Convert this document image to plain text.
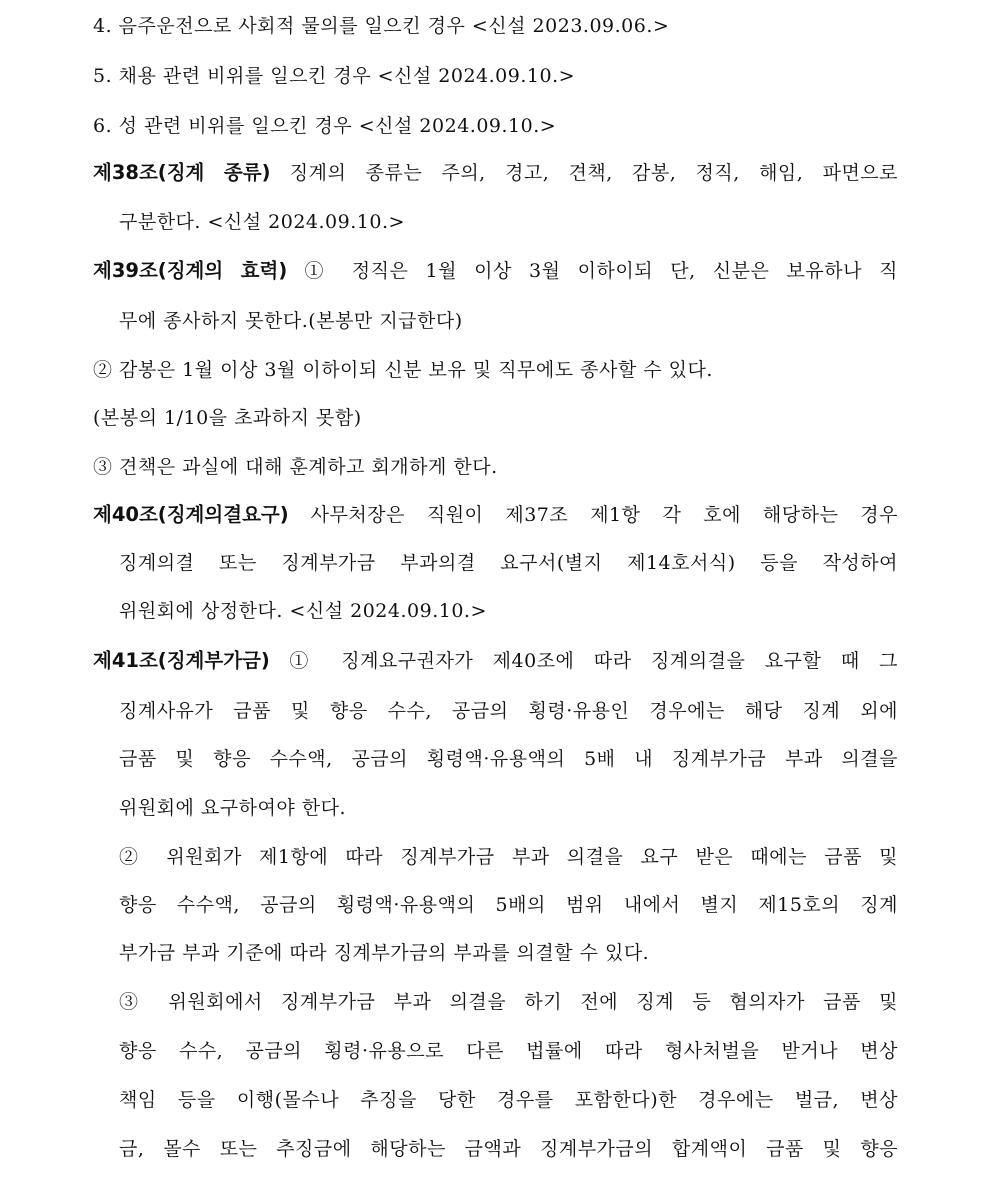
4. 음주운전으로 사회적 물의를 일으킨 경우 <신설 2023.09.06.>
5. 채용 관련 비위를 일으킨 경우 <신설 2024.09.10.>
6. 성 관련 비위를 일으킨 경우 <신설 2024.09.10.>
제38조(징계 종류) 징계의 종류는 주의, 경고, 견책, 감봉, 정직, 해임, 파면으로
구분한다. <신설 2024.09.10.>
제39조(징계의 효력) ① 정직은 1월 이상 3월 이하이되 단, 신분은 보유하나 직
무에 종사하지 못한다.(본봉만 지급한다)
② 감봉은 1월 이상 3월 이하이되 신분 보유 및 직무에도 종사할 수 있다.
(본봉의 1/10을 초과하지 못함)
③ 견책은 과실에 대해 훈계하고 회개하게 한다.
제40조(징계의결요구) 사무처장은 직원이 제37조 제1항 각 호에 해당하는 경우
징계의결 또는 징계부가금 부과의결 요구서(별지 제14호서식) 등을 작성하여
위원회에 상정한다. <신설 2024.09.10.>
제41조(징계부가금) ① 징계요구권자가 제40조에 따라 징계의결을 요구할 때 그
징계사유가 금품 및 향응 수수, 공금의 횡령·유용인 경우에는 해당 징계 외에
금품 및 향응 수수액, 공금의 횡령액·유용액의 5배 내 징계부가금 부과 의결을
위원회에 요구하여야 한다.
② 위원회가 제1항에 따라 징계부가금 부과 의결을 요구 받은 때에는 금품 및
향응 수수액, 공금의 횡령액·유용액의 5배의 범위 내에서 별지 제15호의 징계
부가금 부과 기준에 따라 징계부가금의 부과를 의결할 수 있다.
③ 위원회에서 징계부가금 부과 의결을 하기 전에 징계 등 혐의자가 금품 및
향응 수수, 공금의 횡령·유용으로 다른 법률에 따라 형사처벌을 받거나 변상
책임 등을 이행(몰수나 추징을 당한 경우를 포함한다)한 경우에는 벌금, 변상
금, 몰수 또는 추징금에 해당하는 금액과 징계부가금의 합계액이 금품 및 향응
